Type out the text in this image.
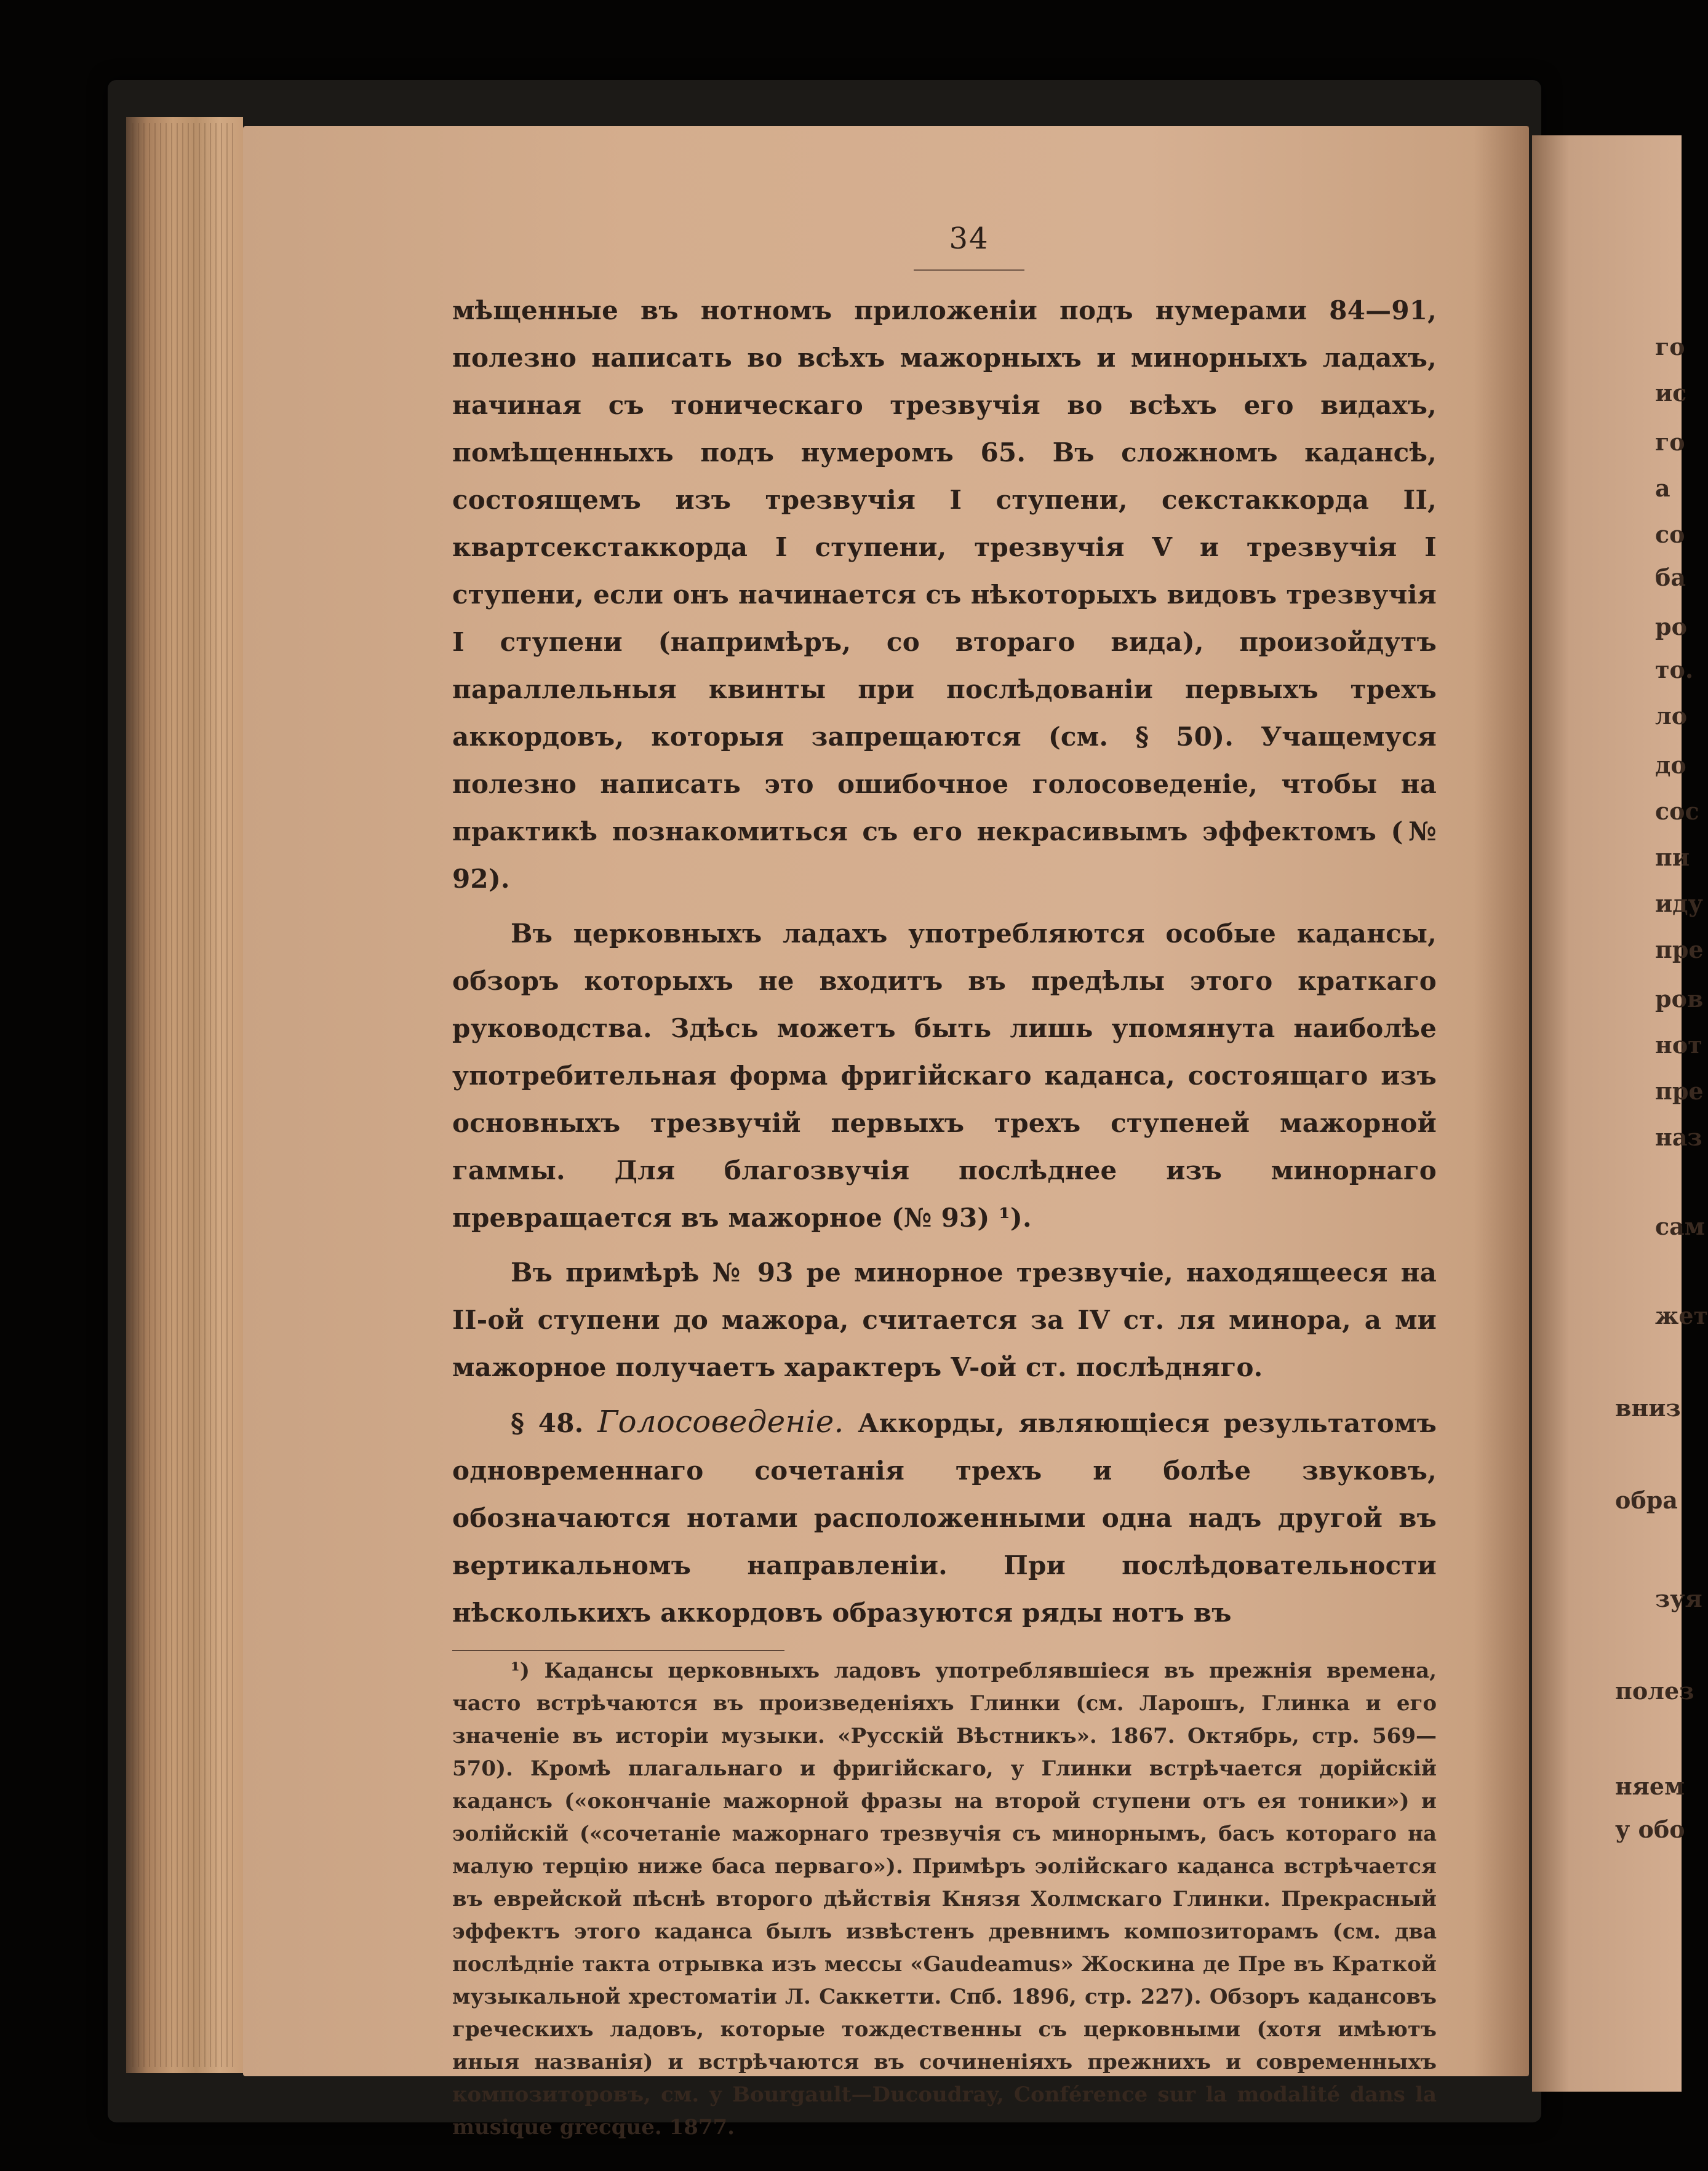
34

мѣщенные въ нотномъ приложенiи подъ нумерами 84—91, полезно написать во всѣхъ мажорныхъ и минорныхъ ладахъ, начиная съ тоническаго трезвучiя во всѣхъ его видахъ, помѣщенныхъ подъ нумеромъ 65. Въ сложномъ кадансѣ, состоящемъ изъ трезвучiя I ступени, секстаккорда II, квартсекстаккорда I ступени, трезвучiя V и трезвучiя I ступени, если онъ начинается съ нѣкоторыхъ видовъ трезвучiя I ступени (напримѣръ, со втораго вида), произойдутъ параллельныя квинты при послѣдованiи первыхъ трехъ аккордовъ, которыя запрещаются (см. § 50). Учащемуся полезно написать это ошибочное голосоведенiе, чтобы на практикѣ познакомиться съ его некрасивымъ эффектомъ (№ 92).

Въ церковныхъ ладахъ употребляются особые кадансы, обзоръ которыхъ не входитъ въ предѣлы этого краткаго руководства. Здѣсь можетъ быть лишь упомянута наиболѣе употребительная форма фригiйскаго каданса, состоящаго изъ основныхъ трезвучiй первыхъ трехъ ступеней мажорной гаммы. Для благозвучiя послѣднее изъ минорнаго превращается въ мажорное (№ 93) ¹).

Въ примѣрѣ № 93 ре минорное трезвучiе, находящееся на II-ой ступени до мажора, считается за IV ст. ля минора, а ми мажорное получаетъ характеръ V-ой ст. послѣдняго.

§ 48. Голосоведенiе. Аккорды, являющiеся результатомъ одновременнаго сочетанiя трехъ и болѣе звуковъ, обозначаются нотами расположенными одна надъ другой въ вертикальномъ направленiи. При послѣдовательности нѣсколькихъ аккордовъ образуются ряды нотъ въ

¹) Кадансы церковныхъ ладовъ употреблявшiеся въ прежнiя времена, часто встрѣчаются въ произведенiяхъ Глинки (см. Ларошъ, Глинка и его значенiе въ исторiи музыки. «Русскiй Вѣстникъ». 1867. Октябрь, стр. 569—570). Кромѣ плагальнаго и фригiйскаго, у Глинки встрѣчается дорiйскiй кадансъ («окончанiе мажорной фразы на второй ступени отъ ея тоники») и эолiйскiй («сочетанiе мажорнаго трезвучiя съ минорнымъ, басъ котораго на малую терцiю ниже баса перваго»). Примѣръ эолiйскаго каданса встрѣчается въ еврейской пѣснѣ второго дѣйствiя Князя Холмскаго Глинки. Прекрасный эффектъ этого каданса былъ извѣстенъ древнимъ композиторамъ (см. два послѣднiе такта отрывка изъ мессы «Gaudeamus» Жоскина де Пре въ Краткой музыкальной хрестоматiи Л. Саккетти. Спб. 1896, стр. 227). Обзоръ кадансовъ греческихъ ладовъ, которые тождественны съ церковными (хотя имѣютъ иныя названiя) и встрѣчаются въ сочиненiяхъ прежнихъ и современныхъ композиторовъ, см. у Bourgault—Ducoudray, Conférence sur la modalité dans la musique grecque. 1877.

го
ис
го
а
со
ба
ро
то.
ло
до
сос
пи
иду
пре
ров
нот
пре
наз
сам
жет
вниз
обра
зуя
полез
няем
у обо
